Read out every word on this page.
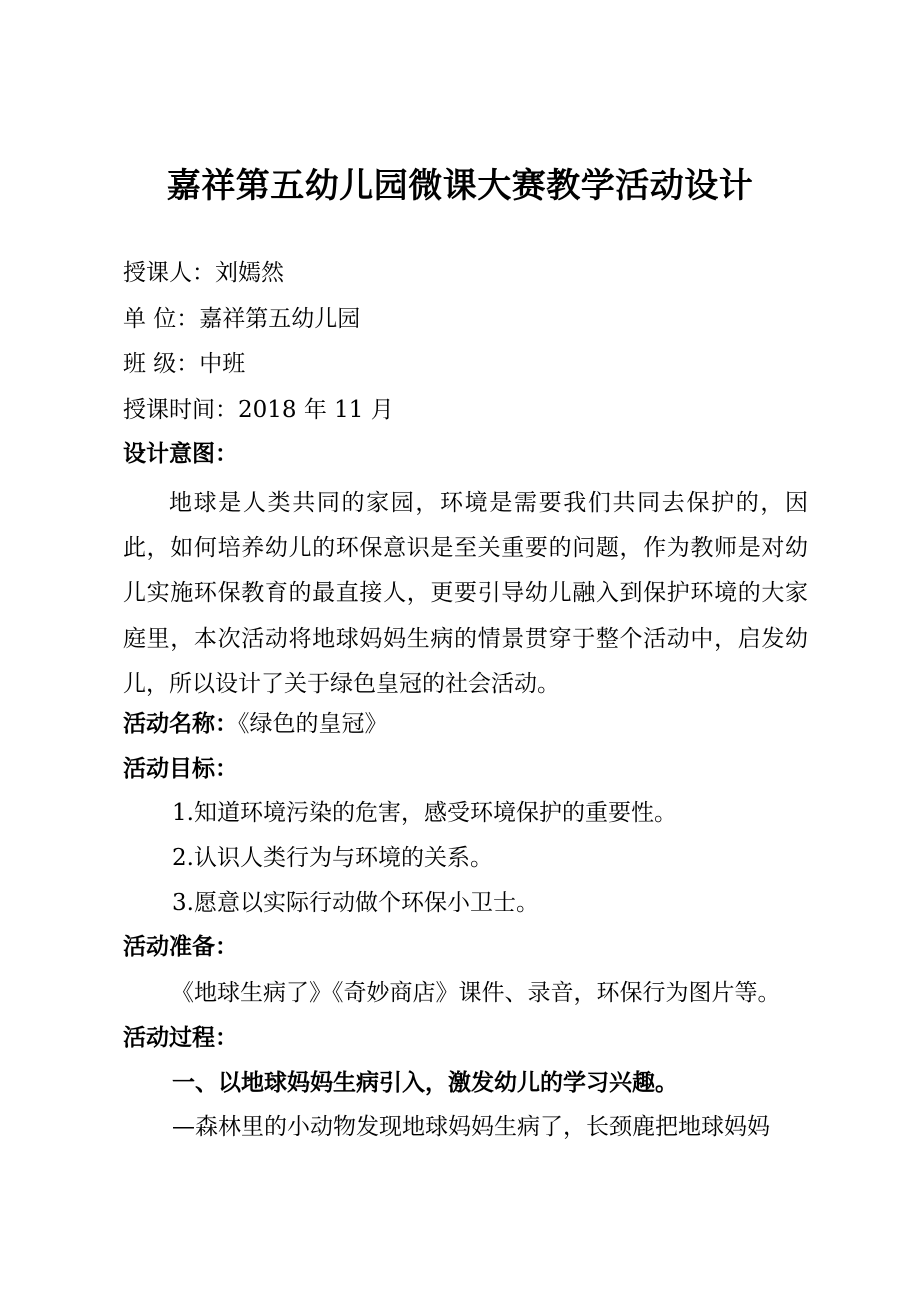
嘉祥第五幼儿园微课大赛教学活动设计
授课人：刘嫣然
单 位：嘉祥第五幼儿园
班 级：中班
授课时间：2018 年 11 月
设计意图：
地球是人类共同的家园，环境是需要我们共同去保护的，因此，如何培养幼儿的环保意识是至关重要的问题，作为教师是对幼儿实施环保教育的最直接人，更要引导幼儿融入到保护环境的大家庭里，本次活动将地球妈妈生病的情景贯穿于整个活动中，启发幼儿，所以设计了关于绿色皇冠的社会活动。
活动名称：《绿色的皇冠》
活动目标：
1.知道环境污染的危害，感受环境保护的重要性。
2.认识人类行为与环境的关系。
3.愿意以实际行动做个环保小卫士。
活动准备：
《地球生病了》《奇妙商店》课件、录音，环保行为图片等。
活动过程：
一、以地球妈妈生病引入，激发幼儿的学习兴趣。
—森林里的小动物发现地球妈妈生病了，长颈鹿把地球妈妈
